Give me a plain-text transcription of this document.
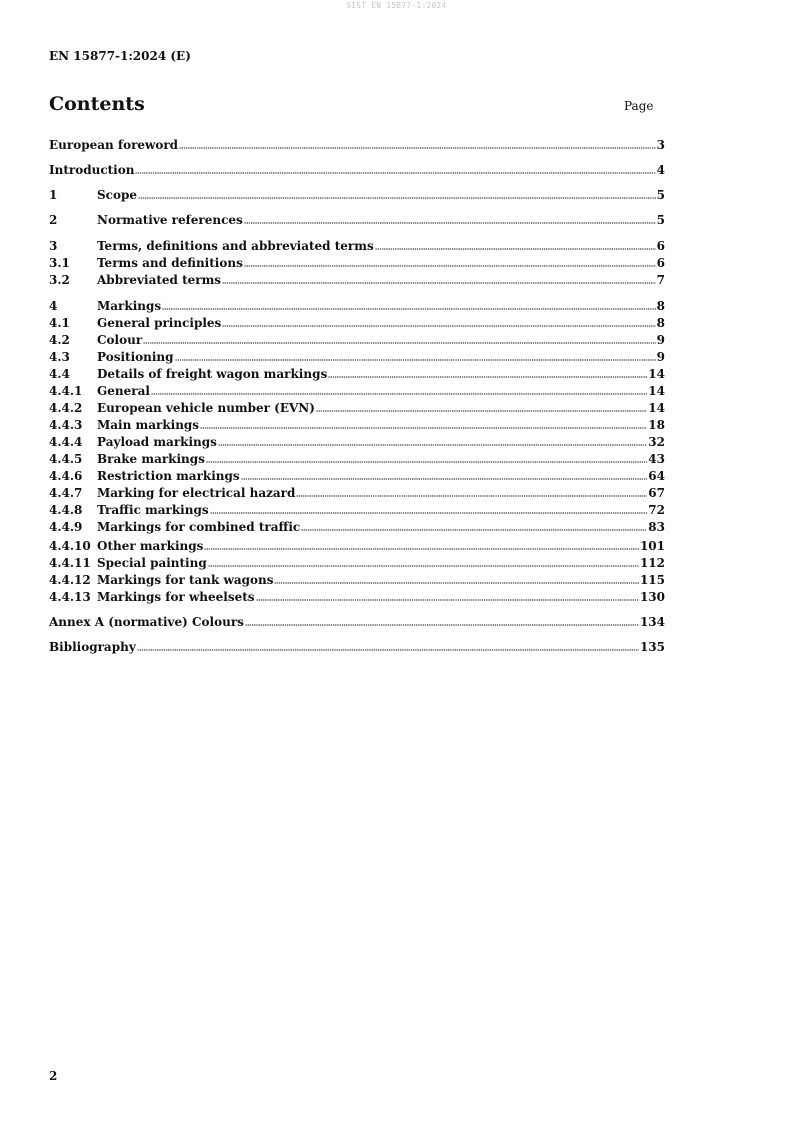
SIST EN 15877-1:2024
EN 15877-1:2024 (E)
Contents	Page
European foreword	3
Introduction	4
1	Scope	5
2	Normative references	5
3	Terms, definitions and abbreviated terms	6
3.1	Terms and definitions	6
3.2	Abbreviated terms	7
4	Markings	8
4.1	General principles	8
4.2	Colour	9
4.3	Positioning	9
4.4	Details of freight wagon markings	14
4.4.1	General	14
4.4.2	European vehicle number (EVN)	14
4.4.3	Main markings	18
4.4.4	Payload markings	32
4.4.5	Brake markings	43
4.4.6	Restriction markings	64
4.4.7	Marking for electrical hazard	67
4.4.8	Traffic markings	72
4.4.9	Markings for combined traffic	83
4.4.10 Other markings	101
4.4.11 Special painting	112
4.4.12 Markings for tank wagons	115
4.4.13 Markings for wheelsets	130
Annex A (normative) Colours	134
Bibliography	135
2
